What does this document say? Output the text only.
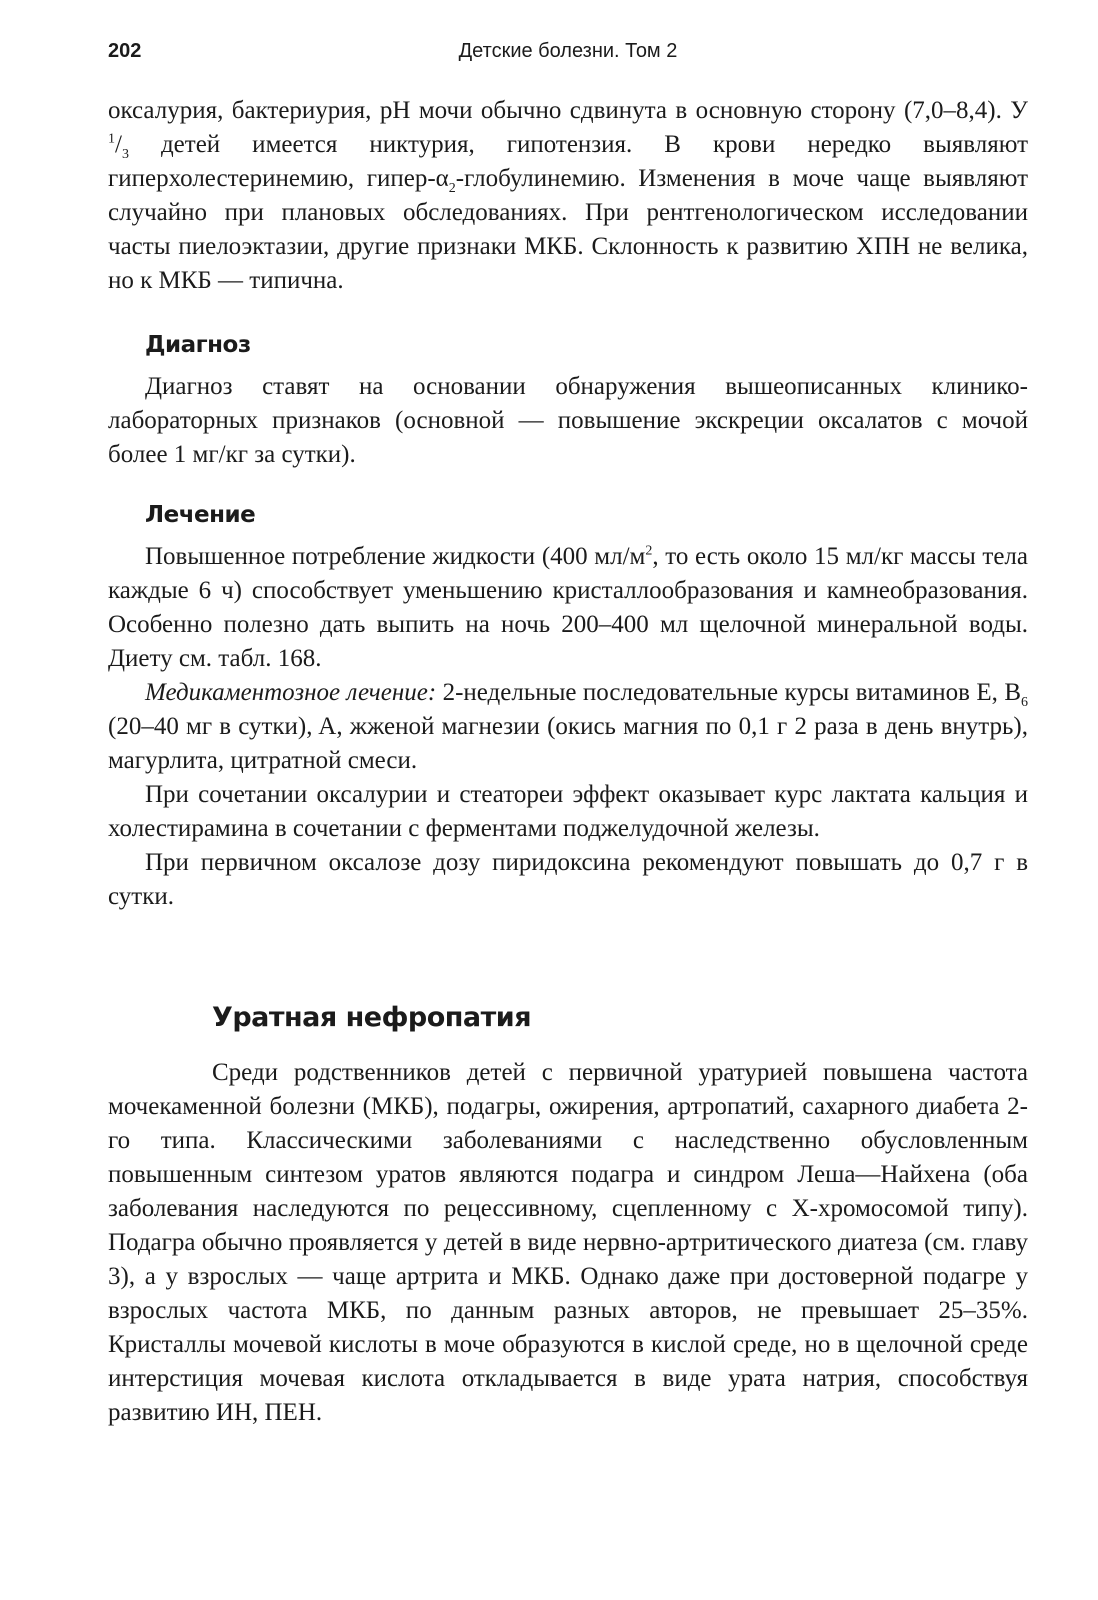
202	Детские болезни. Том 2

оксалурия, бактериурия, pH мочи обычно сдвинута в основную сторону (7,0–8,4). У $^1/_3$ детей имеется никтурия, гипотензия. В крови нередко выявляют гиперхолестеринемию, гипер-$\alpha_2$-глобулинемию. Изменения в моче чаще выявляют случайно при плановых обследованиях. При рентгенологическом исследовании часты пиелоэктазии, другие признаки МКБ. Склонность к развитию ХПН не велика, но к МКБ — типична.

Диагноз

Диагноз ставят на основании обнаружения вышеописанных клинико-лабораторных признаков (основной — повышение экскреции оксалатов с мочой более 1 мг/кг за сутки).

Лечение

Повышенное потребление жидкости (400 $мл/м^2$, то есть около 15 мл/кг массы тела каждые 6 ч) способствует уменьшению кристаллообразования и камнеобразования. Особенно полезно дать выпить на ночь 200–400 мл щелочной минеральной воды. Диету см. табл. 168.

Медикаментозное лечение: 2-недельные последовательные курсы витаминов E, $B_6$ (20–40 мг в сутки), A, жженой магнезии (окись магния по 0,1 г 2 раза в день внутрь), магурлита, цитратной смеси.

При сочетании оксалурии и стеатореи эффект оказывает курс лактата кальция и холестирамина в сочетании с ферментами поджелудочной железы.

При первичном оксалозе дозу пиридоксина рекомендуют повышать до 0,7 г в сутки.

Уратная нефропатия

Среди родственников детей с первичной уратурией повышена частота мочекаменной болезни (МКБ), подагры, ожирения, артропатий, сахарного диабета 2-го типа. Классическими заболеваниями с наследственно обусловленным повышенным синтезом уратов являются подагра и синдром Леша—Найхена (оба заболевания наследуются по рецессивному, сцепленному с X-хромосомой типу). Подагра обычно проявляется у детей в виде нервно-артритического диатеза (см. главу 3), а у взрослых — чаще артрита и МКБ. Однако даже при достоверной подагре у взрослых частота МКБ, по данным разных авторов, не превышает 25–35%. Кристаллы мочевой кислоты в моче образуются в кислой среде, но в щелочной среде интерстиция мочевая кислота откладывается в виде урата натрия, способствуя развитию ИН, ПЕН.
